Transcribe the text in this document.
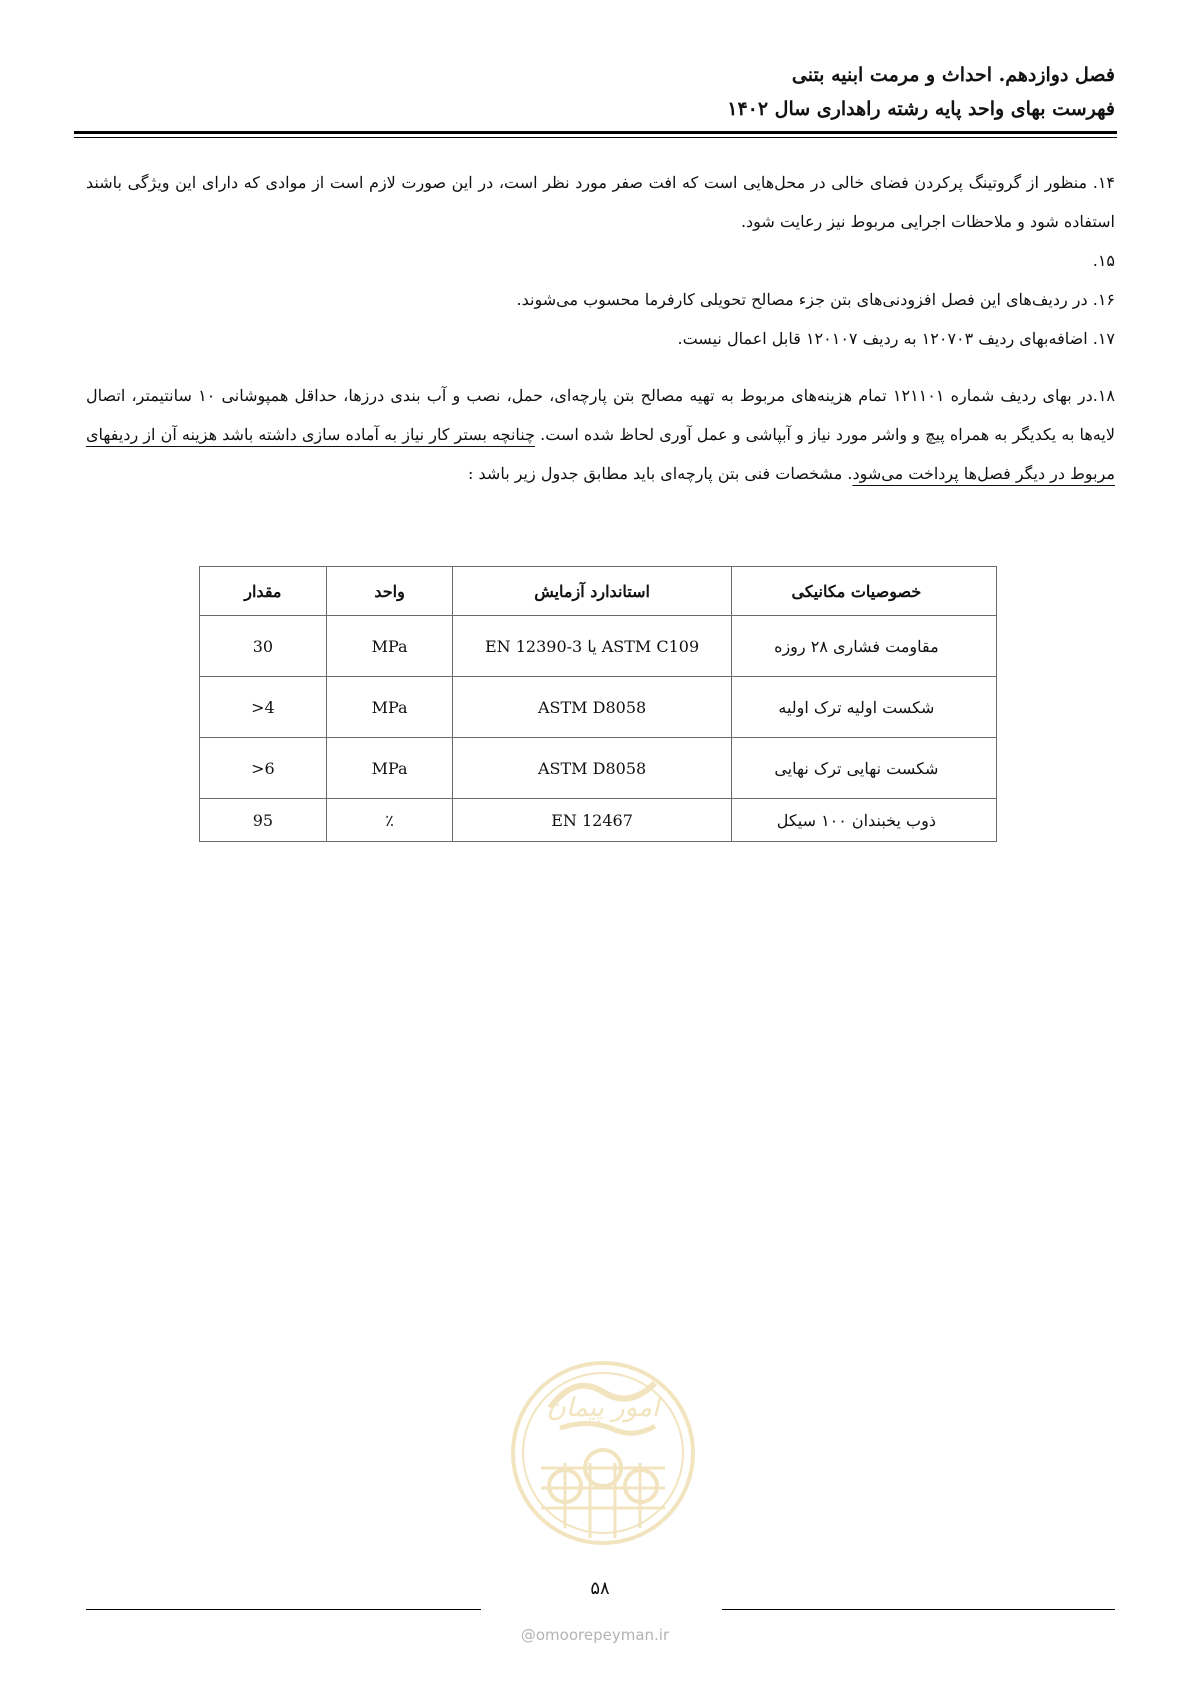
فصل دوازدهم. احداث و مرمت ابنیه بتنی
فهرست بهای واحد پایه رشته راهداری سال ۱۴۰۲

۱۴. منظور از گروتینگ پرکردن فضای خالی در محل‌هایی است که افت صفر مورد نظر است، در این صورت لازم است از موادی که دارای این ویژگی باشند استفاده شود و ملاحظات اجرایی مربوط نیز رعایت شود.

۱۵.

۱۶. در ردیف‌های این فصل افزودنی‌های بتن جزء مصالح تحویلی کارفرما محسوب می‌شوند.

۱۷. اضافه‌بهای ردیف ۱۲۰۷۰۳ به ردیف ۱۲۰۱۰۷ قابل اعمال نیست.

۱۸.در بهای ردیف شماره ۱۲۱۱۰۱ تمام هزینه‌های مربوط به تهیه مصالح بتن پارچه‌ای، حمل، نصب و آب بندی درزها، حداقل همپوشانی ۱۰ سانتیمتر، اتصال لایه‌ها به یکدیگر به همراه پیچ و واشر مورد نیاز و آبپاشی و عمل آوری لحاظ شده است. چنانچه بستر کار نیاز به آماده سازی داشته باشد هزینه آن از ردیفهای مربوط در دیگر فصل‌ها پرداخت می‌شود. مشخصات فنی بتن پارچه‌ای باید مطابق جدول زیر باشد :

خصوصیات مکانیکی	استاندارد آزمایش	واحد	مقدار
مقاومت فشاری ۲۸ روزه	EN 12390-3 یا ASTM C109	MPa	30
شکست اولیه ترک اولیه	ASTM D8058	MPa	>4
شکست نهایی ترک نهایی	ASTM D8058	MPa	>6
ذوب یخبندان ۱۰۰ سیکل	EN 12467	٪	95
امور پیمان
۵۸
@omoorepeyman.ir
